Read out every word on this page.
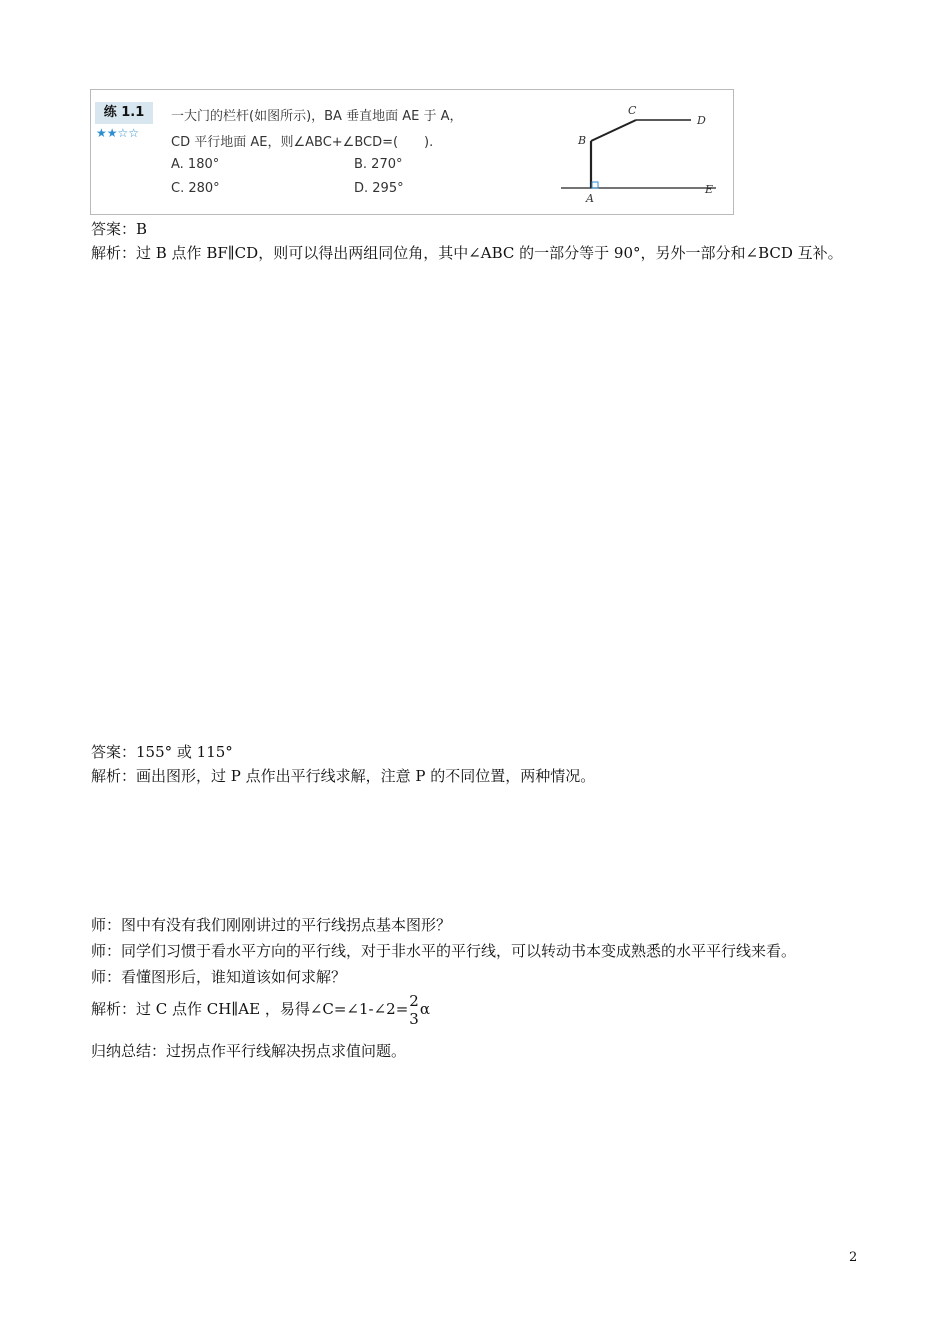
练 1.1
★★☆☆
一大门的栏杆(如图所示)，BA 垂直地面 AE 于 A，
CD 平行地面 AE，则∠ABC+∠BCD=(　　).
A. 180°	B. 270°
C. 280°	D. 295°
B
C
D
A
E
答案：B
解析：过 B 点作 BF∥CD，则可以得出两组同位角，其中∠ABC 的一部分等于 90°，另外一部分和∠BCD 互补。
答案：155° 或 115°
解析：画出图形，过 P 点作出平行线求解，注意 P 的不同位置，两种情况。
师：图中有没有我们刚刚讲过的平行线拐点基本图形？
师：同学们习惯于看水平方向的平行线，对于非水平的平行线，可以转动书本变成熟悉的水平平行线来看。
师：看懂图形后，谁知道该如何求解？
解析：过 C 点作 CH∥AE ，易得∠C=∠1-∠2= 2
3
α
归纳总结：过拐点作平行线解决拐点求值问题。
2
